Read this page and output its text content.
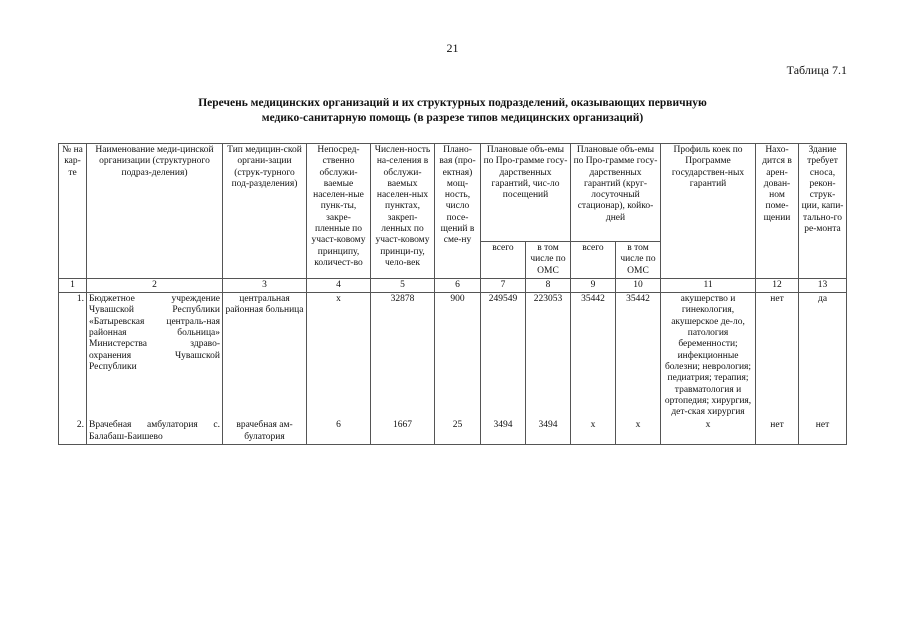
21
Таблица 7.1
Перечень медицинских организаций и их структурных подразделений, оказывающих первичную
медико-санитарную помощь (в разрезе типов медицинских организаций)
№ на кар-те	Наименование меди-цинской организации (структурного подраз-деления)	Тип медицин-ской органи-зации (струк-турного под-разделения)	Непосред-ственно обслужи-ваемые населен-ные пунк-ты, закре-пленные по участ-ковому принципу, количест-во	Числен-ность на-селения в обслужи-ваемых населен-ных пунктах, закреп-ленных по участ-ковому принци-пу, чело-век	Плано-вая (про-ектная) мощ-ность, число посе-щений в сме-ну	Плановые объ-емы по Про-грамме госу-дарственных гарантий, чис-ло посещений		Плановые объ-емы по Про-грамме госу-дарственных гарантий (круг-лосуточный стационар), койко-дней		Профиль коек по Программе государствен-ных гарантий	Нахо-дится в арен-дован-ном поме-щении	Здание требует сноса, рекон-струк-ции, капи-тально-го ре-монта
						всего	в том числе по ОМС	всего	в том числе по ОМС			
1	2	3	4	5	6	7	8	9	10	11	12	13
1.	Бюджетное учреждение Чувашской Республики «Батыревская централь-ная районная больница» Министерства здраво-охранения Чувашской Республики	центральная районная больница	х	32878	900	249549	223053	35442	35442	акушерство и гинекология, акушерское де-ло, патология беременности; инфекционные болезни; неврология; педиатрия; терапия; травматология и ортопедия; хирургия, дет-ская хирургия	нет	да
2.	Врачебная амбулатория с. Балабаш-Баишево	врачебная ам-булатория	6	1667	25	3494	3494	х	х	х	нет	нет
